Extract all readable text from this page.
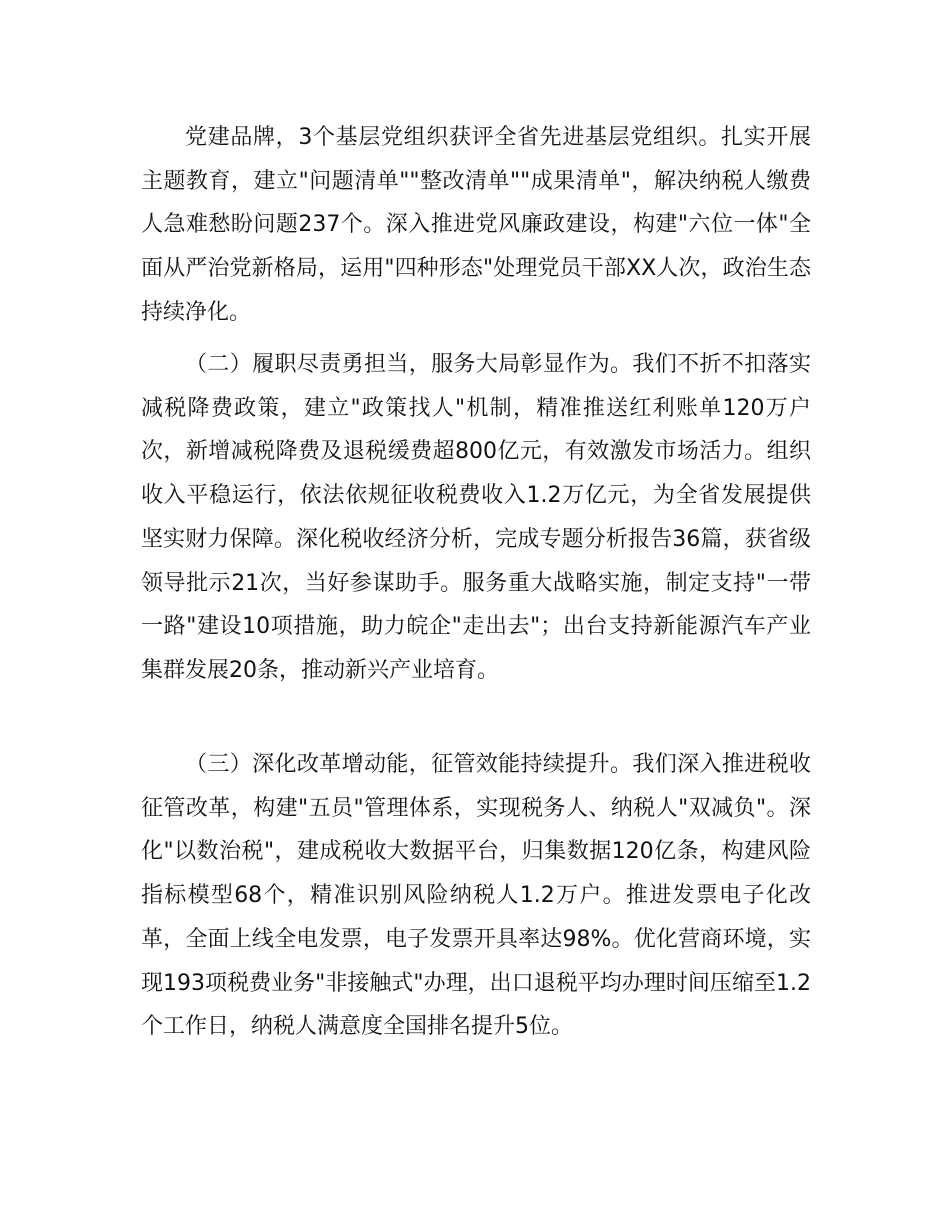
党建品牌，3个基层党组织获评全省先进基层党组织。扎实开展主题教育，建立"问题清单""整改清单""成果清单"，解决纳税人缴费人急难愁盼问题237个。深入推进党风廉政建设，构建"六位一体"全面从严治党新格局，运用"四种形态"处理党员干部XX人次，政治生态持续净化。

（二）履职尽责勇担当，服务大局彰显作为。我们不折不扣落实减税降费政策，建立"政策找人"机制，精准推送红利账单120万户次，新增减税降费及退税缓费超800亿元，有效激发市场活力。组织收入平稳运行，依法依规征收税费收入1.2万亿元，为全省发展提供坚实财力保障。深化税收经济分析，完成专题分析报告36篇，获省级领导批示21次，当好参谋助手。服务重大战略实施，制定支持"一带一路"建设10项措施，助力皖企"走出去"；出台支持新能源汽车产业集群发展20条，推动新兴产业培育。

（三）深化改革增动能，征管效能持续提升。我们深入推进税收征管改革，构建"五员"管理体系，实现税务人、纳税人"双减负"。深化"以数治税"，建成税收大数据平台，归集数据120亿条，构建风险指标模型68个，精准识别风险纳税人1.2万户。推进发票电子化改革，全面上线全电发票，电子发票开具率达98%。优化营商环境，实现193项税费业务"非接触式"办理，出口退税平均办理时间压缩至1.2个工作日，纳税人满意度全国排名提升5位。
